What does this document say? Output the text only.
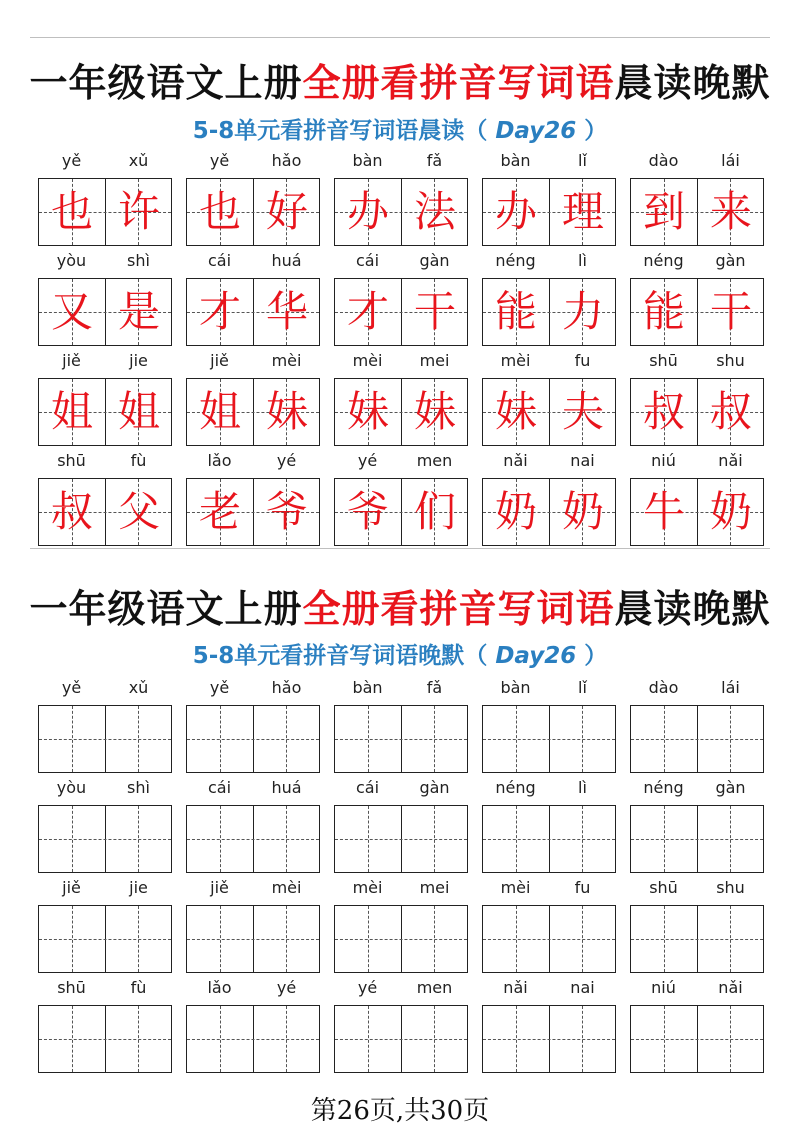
一年级语文上册全册看拼音写词语晨读晚默
5-8单元看拼音写词语晨读（ Day26 ）
yě	xǔ
也 许
yě	hǎo
也 好
bàn	fǎ
办 法
bàn	lǐ
办 理
dào	lái
到 来
yòu	shì
又 是
cái	huá
才 华
cái	gàn
才 干
néng	lì
能 力
néng	gàn
能 干
jiě	jie
姐 姐
jiě	mèi
姐 妹
mèi	mei
妹 妹
mèi	fu
妹 夫
shū	shu
叔 叔
shū	fù
叔 父
lǎo	yé
老 爷
yé	men
爷 们
nǎi	nai
奶 奶
niú	nǎi
牛 奶
一年级语文上册全册看拼音写词语晨读晚默
5-8单元看拼音写词语晚默（ Day26 ）
yě	xǔ	yě	hǎo	bàn	fǎ	bàn	lǐ	dào	lái
yòu	shì	cái	huá	cái	gàn	néng	lì	néng	gàn
jiě	jie	jiě	mèi	mèi	mei	mèi	fu	shū	shu
shū	fù	lǎo	yé	yé	men	nǎi	nai	niú	nǎi
第26页,共30页
